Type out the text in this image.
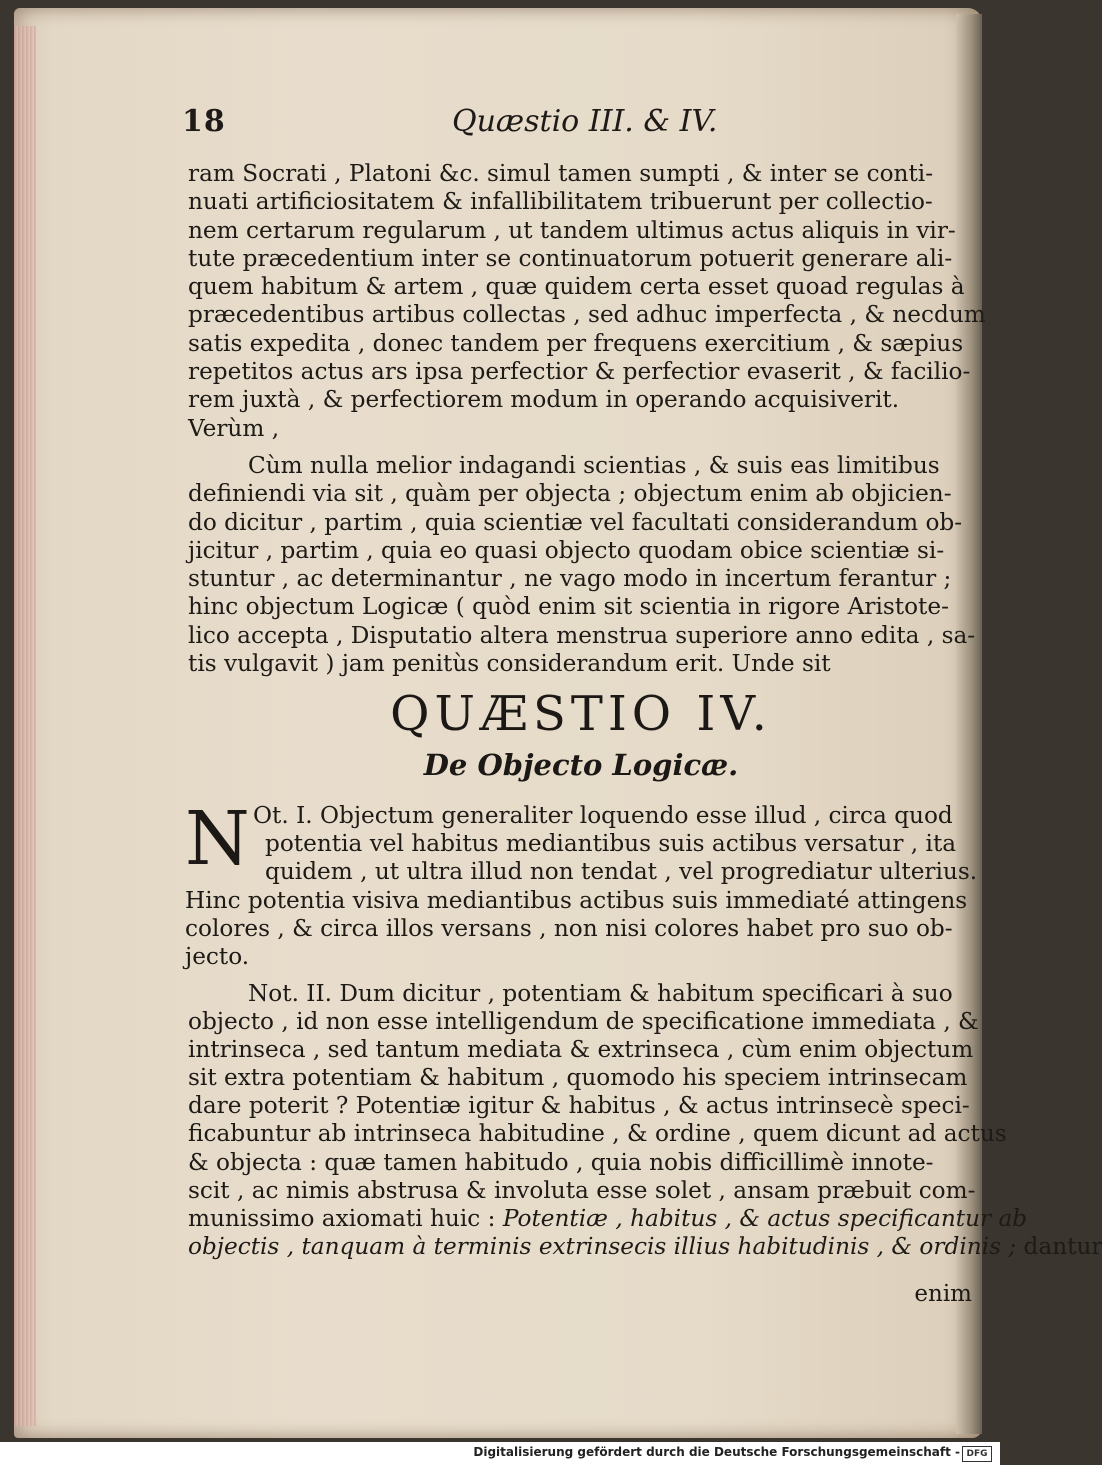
18	Quæstio III. & IV.
ram Socrati , Platoni &c. simul tamen sumpti , & inter se conti-
nuati artificiositatem & infallibilitatem tribuerunt per collectio-
nem certarum regularum , ut tandem ultimus actus aliquis in vir-
tute præcedentium inter se continuatorum potuerit generare ali-
quem habitum & artem , quæ quidem certa esset quoad regulas à
præcedentibus artibus collectas , sed adhuc imperfecta , & necdum
satis expedita , donec tandem per frequens exercitium , & sæpius
repetitos actus ars ipsa perfectior & perfectior evaserit , & facilio-
rem juxtà , & perfectiorem modum in operando acquisiverit.
Verùm ,
Cùm nulla melior indagandi scientias , & suis eas limitibus
definiendi via sit , quàm per objecta ; objectum enim ab objicien-
do dicitur , partim , quia scientiæ vel facultati considerandum ob-
jicitur , partim , quia eo quasi objecto quodam obice scientiæ si-
stuntur , ac determinantur , ne vago modo in incertum ferantur ;
hinc objectum Logicæ ( quòd enim sit scientia in rigore Aristote-
lico accepta , Disputatio altera menstrua superiore anno edita , sa-
tis vulgavit ) jam penitùs considerandum erit. Unde sit
QUÆSTIO IV.
De Objecto Logicæ.
N Ot. I. Objectum generaliter loquendo esse illud , circa quod
potentia vel habitus mediantibus suis actibus versatur , ita
quidem , ut ultra illud non tendat , vel progrediatur ulterius.
Hinc potentia visiva mediantibus actibus suis immediaté attingens
colores , & circa illos versans , non nisi colores habet pro suo ob-
jecto.
Not. II. Dum dicitur , potentiam & habitum specificari à suo
objecto , id non esse intelligendum de specificatione immediata , &
intrinseca , sed tantum mediata & extrinseca , cùm enim objectum
sit extra potentiam & habitum , quomodo his speciem intrinsecam
dare poterit ? Potentiæ igitur & habitus , & actus intrinsecè speci-
ficabuntur ab intrinseca habitudine , & ordine , quem dicunt ad actus
& objecta : quæ tamen habitudo , quia nobis difficillimè innote-
scit , ac nimis abstrusa & involuta esse solet , ansam præbuit com-
munissimo axiomati huic : Potentiæ , habitus , & actus specificantur ab
objectis , tanquam à terminis extrinsecis illius habitudinis , & ordinis ; dantur
enim
Digitalisierung gefördert durch die Deutsche Forschungsgemeinschaft - DFG
